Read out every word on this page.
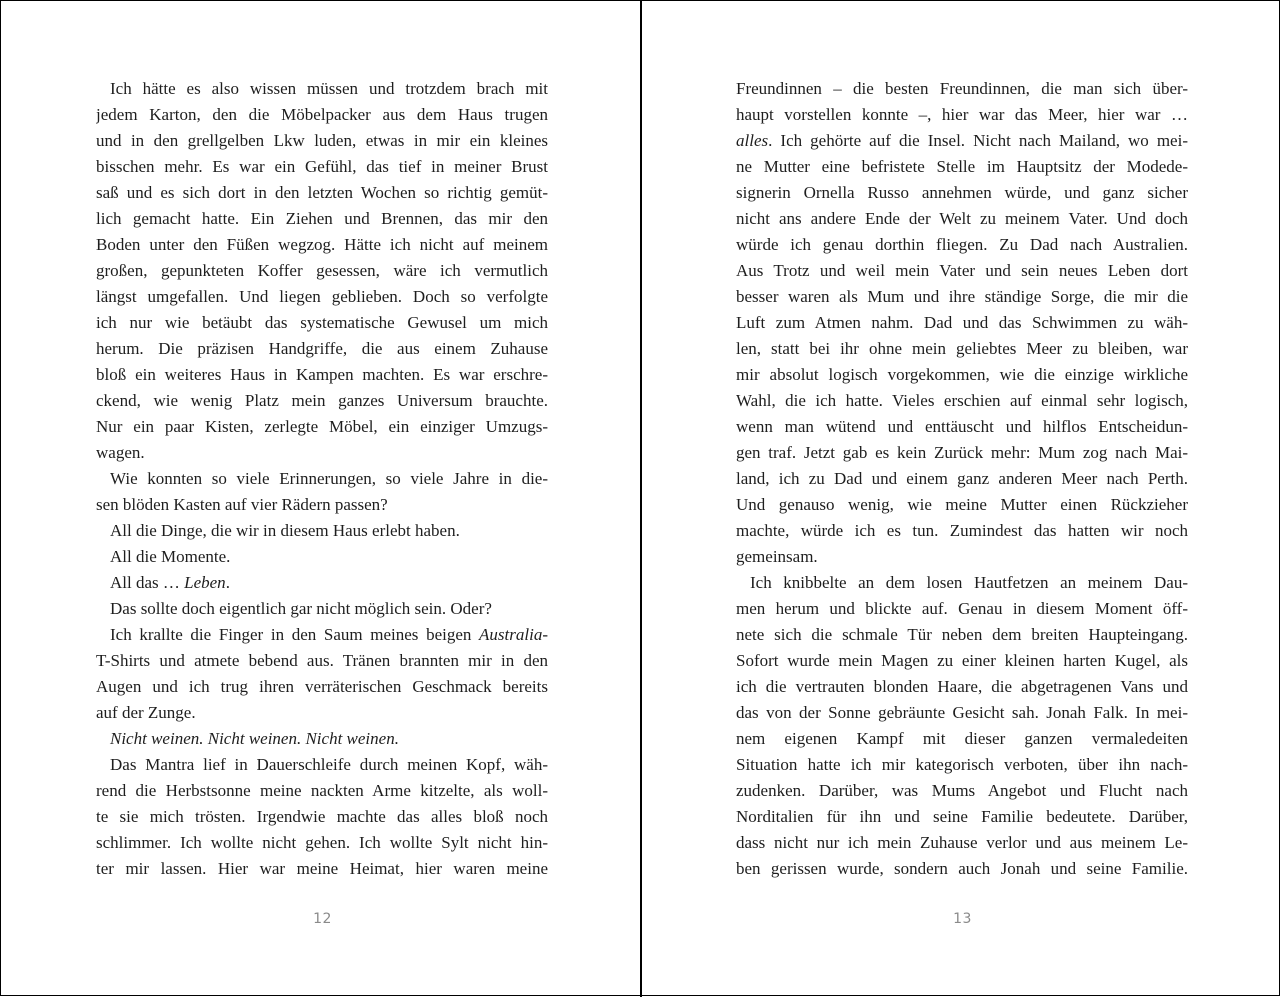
Ich hätte es also wissen müssen und trotzdem brach mit
jedem Karton, den die Möbelpacker aus dem Haus trugen
und in den grellgelben Lkw luden, etwas in mir ein kleines
bisschen mehr. Es war ein Gefühl, das tief in meiner Brust
saß und es sich dort in den letzten Wochen so richtig gemüt-
lich gemacht hatte. Ein Ziehen und Brennen, das mir den
Boden unter den Füßen wegzog. Hätte ich nicht auf meinem
großen, gepunkteten Koffer gesessen, wäre ich vermutlich
längst umgefallen. Und liegen geblieben. Doch so verfolgte
ich nur wie betäubt das systematische Gewusel um mich
herum. Die präzisen Handgriffe, die aus einem Zuhause
bloß ein weiteres Haus in Kampen machten. Es war erschre-
ckend, wie wenig Platz mein ganzes Universum brauchte.
Nur ein paar Kisten, zerlegte Möbel, ein einziger Umzugs-
wagen.
Wie konnten so viele Erinnerungen, so viele Jahre in die-
sen blöden Kasten auf vier Rädern passen?
All die Dinge, die wir in diesem Haus erlebt haben.
All die Momente.
All das … Leben.
Das sollte doch eigentlich gar nicht möglich sein. Oder?
Ich krallte die Finger in den Saum meines beigen Australia-
T-Shirts und atmete bebend aus. Tränen brannten mir in den
Augen und ich trug ihren verräterischen Geschmack bereits
auf der Zunge.
Nicht weinen. Nicht weinen. Nicht weinen.
Das Mantra lief in Dauerschleife durch meinen Kopf, wäh-
rend die Herbstsonne meine nackten Arme kitzelte, als woll-
te sie mich trösten. Irgendwie machte das alles bloß noch
schlimmer. Ich wollte nicht gehen. Ich wollte Sylt nicht hin-
ter mir lassen. Hier war meine Heimat, hier waren meine
12
Freundinnen – die besten Freundinnen, die man sich über-
haupt vorstellen konnte –, hier war das Meer, hier war …
alles. Ich gehörte auf die Insel. Nicht nach Mailand, wo mei-
ne Mutter eine befristete Stelle im Hauptsitz der Modede-
signerin Ornella Russo annehmen würde, und ganz sicher
nicht ans andere Ende der Welt zu meinem Vater. Und doch
würde ich genau dorthin fliegen. Zu Dad nach Australien.
Aus Trotz und weil mein Vater und sein neues Leben dort
besser waren als Mum und ihre ständige Sorge, die mir die
Luft zum Atmen nahm. Dad und das Schwimmen zu wäh-
len, statt bei ihr ohne mein geliebtes Meer zu bleiben, war
mir absolut logisch vorgekommen, wie die einzige wirkliche
Wahl, die ich hatte. Vieles erschien auf einmal sehr logisch,
wenn man wütend und enttäuscht und hilflos Entscheidun-
gen traf. Jetzt gab es kein Zurück mehr: Mum zog nach Mai-
land, ich zu Dad und einem ganz anderen Meer nach Perth.
Und genauso wenig, wie meine Mutter einen Rückzieher
machte, würde ich es tun. Zumindest das hatten wir noch
gemeinsam.
Ich knibbelte an dem losen Hautfetzen an meinem Dau-
men herum und blickte auf. Genau in diesem Moment öff-
nete sich die schmale Tür neben dem breiten Haupteingang.
Sofort wurde mein Magen zu einer kleinen harten Kugel, als
ich die vertrauten blonden Haare, die abgetragenen Vans und
das von der Sonne gebräunte Gesicht sah. Jonah Falk. In mei-
nem eigenen Kampf mit dieser ganzen vermaledeiten
Situation hatte ich mir kategorisch verboten, über ihn nach-
zudenken. Darüber, was Mums Angebot und Flucht nach
Norditalien für ihn und seine Familie bedeutete. Darüber,
dass nicht nur ich mein Zuhause verlor und aus meinem Le-
ben gerissen wurde, sondern auch Jonah und seine Familie.
13
